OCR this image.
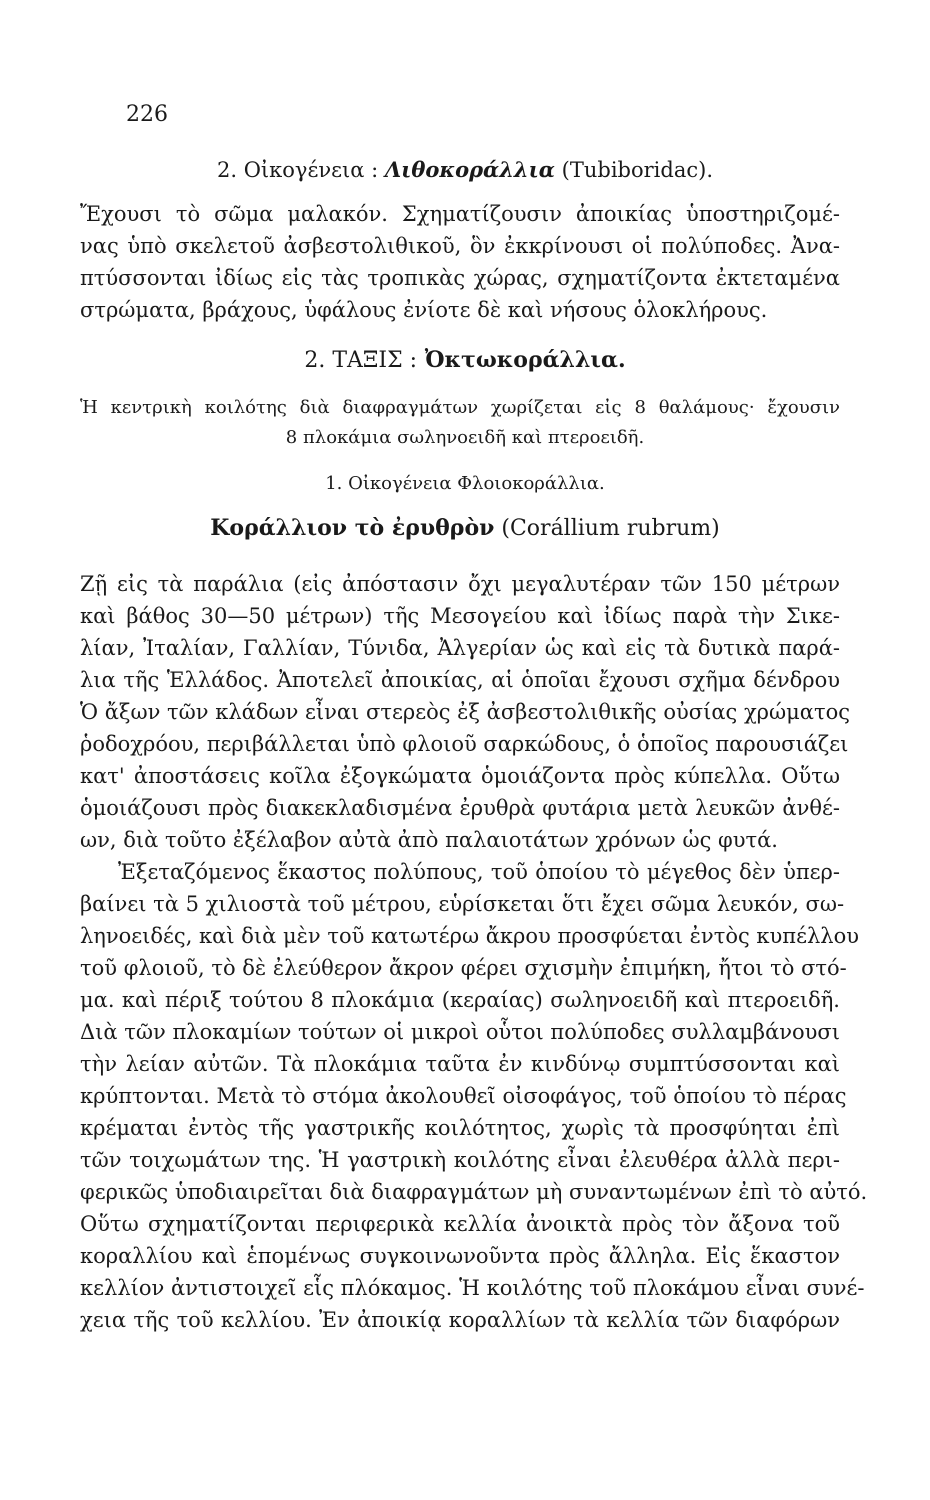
226
2. Οἰκογένεια : Λιθοκοράλλια (Tubiboridac).
Ἔχουσι τὸ σῶμα μαλακόν. Σχηματίζουσιν ἀποικίας ὑποστηριζομέ-
νας ὑπὸ σκελετοῦ ἀσβεστολιθικοῦ, ὃν ἐκκρίνουσι οἱ πολύποδες. Ἀνα-
πτύσσονται ἰδίως εἰς τὰς τροπικὰς χώρας, σχηματίζοντα ἐκτεταμένα
στρώματα, βράχους, ὑφάλους ἐνίοτε δὲ καὶ νήσους ὁλοκλήρους.
2. ΤΑΞΙΣ : Ὀκτωκοράλλια.
Ἡ κεντρικὴ κοιλότης διὰ διαφραγμάτων χωρίζεται εἰς 8 θαλάμους· ἔχουσιν
8 πλοκάμια σωληνοειδῆ καὶ πτεροειδῆ.
1. Οἰκογένεια Φλοιοκοράλλια.
Κοράλλιον τὸ ἐρυθρὸν (Corállium rubrum)
Ζῇ εἰς τὰ παράλια (εἰς ἀπόστασιν ὄχι μεγαλυτέραν τῶν 150 μέτρων
καὶ βάθος 30—50 μέτρων) τῆς Μεσογείου καὶ ἰδίως παρὰ τὴν Σικε-
λίαν, Ἰταλίαν, Γαλλίαν, Τύνιδα, Ἀλγερίαν ὡς καὶ εἰς τὰ δυτικὰ παρά-
λια τῆς Ἑλλάδος. Ἀποτελεῖ ἀποικίας, αἱ ὁποῖαι ἔχουσι σχῆμα δένδρου
Ὁ ἄξων τῶν κλάδων εἶναι στερεὸς ἐξ ἀσβεστολιθικῆς οὐσίας χρώματος
ῥοδοχρόου, περιβάλλεται ὑπὸ φλοιοῦ σαρκώδους, ὁ ὁποῖος παρουσιάζει
κατ' ἀποστάσεις κοῖλα ἐξογκώματα ὁμοιάζοντα πρὸς κύπελλα. Οὕτω
ὁμοιάζουσι πρὸς διακεκλαδισμένα ἐρυθρὰ φυτάρια μετὰ λευκῶν ἀνθέ-
ων, διὰ τοῦτο ἐξέλαβον αὐτὰ ἀπὸ παλαιοτάτων χρόνων ὡς φυτά.
Ἐξεταζόμενος ἕκαστος πολύπους, τοῦ ὁποίου τὸ μέγεθος δὲν ὑπερ-
βαίνει τὰ 5 χιλιοστὰ τοῦ μέτρου, εὑρίσκεται ὅτι ἔχει σῶμα λευκόν, σω-
ληνοειδές, καὶ διὰ μὲν τοῦ κατωτέρω ἄκρου προσφύεται ἐντὸς κυπέλλου
τοῦ φλοιοῦ, τὸ δὲ ἐλεύθερον ἄκρον φέρει σχισμὴν ἐπιμήκη, ἤτοι τὸ στό-
μα. καὶ πέριξ τούτου 8 πλοκάμια (κεραίας) σωληνοειδῆ καὶ πτεροειδῆ.
Διὰ τῶν πλοκαμίων τούτων οἱ μικροὶ οὗτοι πολύποδες συλλαμβάνουσι
τὴν λείαν αὐτῶν. Τὰ πλοκάμια ταῦτα ἐν κινδύνῳ συμπτύσσονται καὶ
κρύπτονται. Μετὰ τὸ στόμα ἀκολουθεῖ οἰσοφάγος, τοῦ ὁποίου τὸ πέρας
κρέμαται ἐντὸς τῆς γαστρικῆς κοιλότητος, χωρὶς τὰ προσφύηται ἐπὶ
τῶν τοιχωμάτων της. Ἡ γαστρικὴ κοιλότης εἶναι ἐλευθέρα ἀλλὰ περι-
φερικῶς ὑποδιαιρεῖται διὰ διαφραγμάτων μὴ συναντωμένων ἐπὶ τὸ αὐτό.
Οὕτω σχηματίζονται περιφερικὰ κελλία ἀνοικτὰ πρὸς τὸν ἄξονα τοῦ
κοραλλίου καὶ ἑπομένως συγκοινωνοῦντα πρὸς ἄλληλα. Εἰς ἕκαστον
κελλίον ἀντιστοιχεῖ εἷς πλόκαμος. Ἡ κοιλότης τοῦ πλοκάμου εἶναι συνέ-
χεια τῆς τοῦ κελλίου. Ἐν ἀποικίᾳ κοραλλίων τὰ κελλία τῶν διαφόρων
